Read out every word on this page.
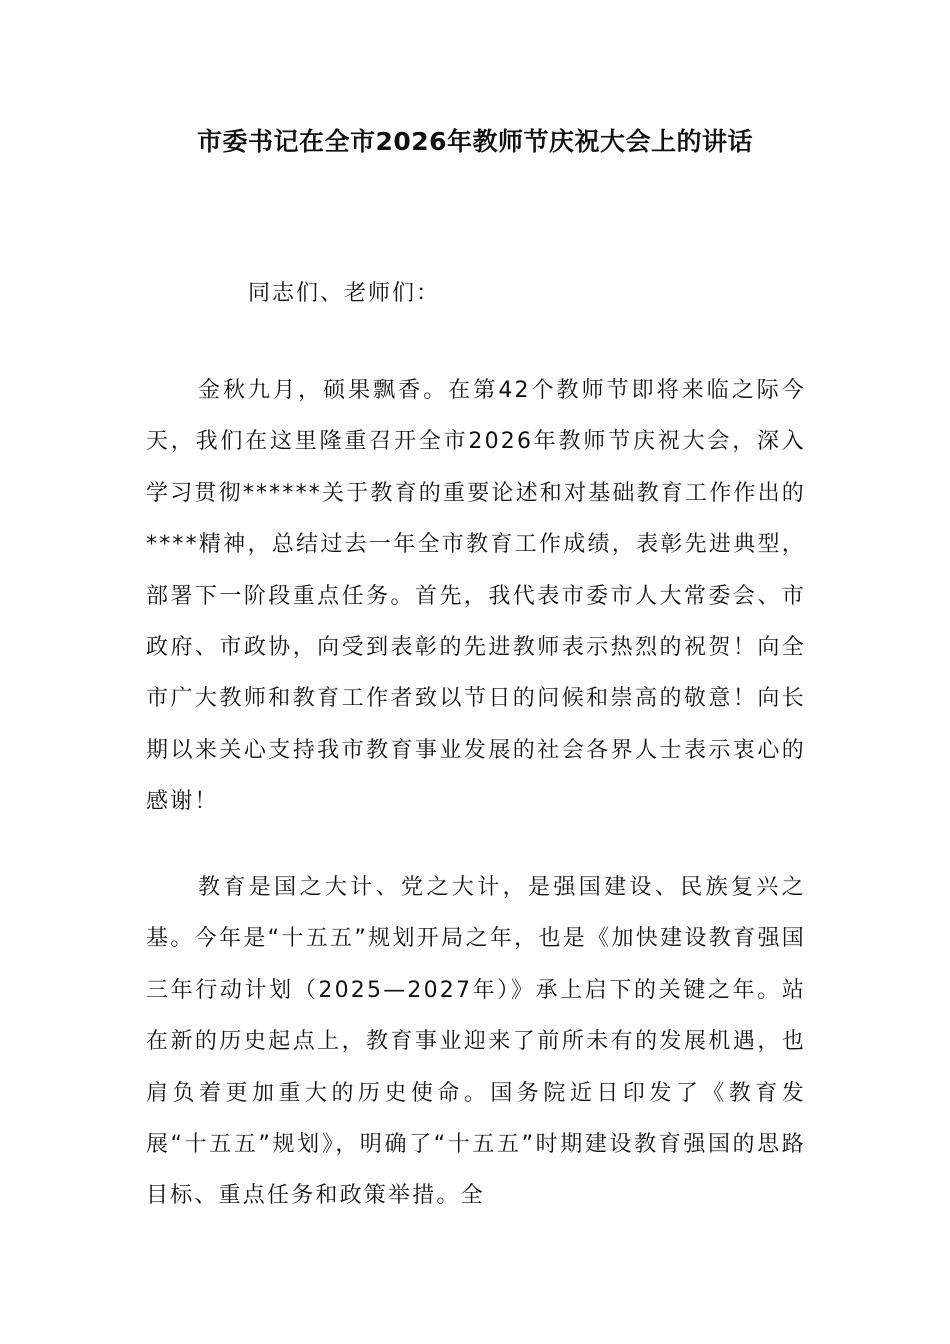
市委书记在全市2026年教师节庆祝大会上的讲话

同志们、老师们：

金秋九月，硕果飘香。在第42个教师节即将来临之际今天，我们在这里隆重召开全市2026年教师节庆祝大会，深入学习贯彻******关于教育的重要论述和对基础教育工作作出的****精神，总结过去一年全市教育工作成绩，表彰先进典型，部署下一阶段重点任务。首先，我代表市委市人大常委会、市政府、市政协，向受到表彰的先进教师表示热烈的祝贺！向全市广大教师和教育工作者致以节日的问候和崇高的敬意！向长期以来关心支持我市教育事业发展的社会各界人士表示衷心的感谢！

教育是国之大计、党之大计，是强国建设、民族复兴之基。今年是“十五五”规划开局之年，也是《加快建设教育强国三年行动计划（2025—2027年）》承上启下的关键之年。站在新的历史起点上，教育事业迎来了前所未有的发展机遇，也肩负着更加重大的历史使命。国务院近日印发了《教育发展“十五五”规划》，明确了“十五五”时期建设教育强国的思路目标、重点任务和政策举措。全
